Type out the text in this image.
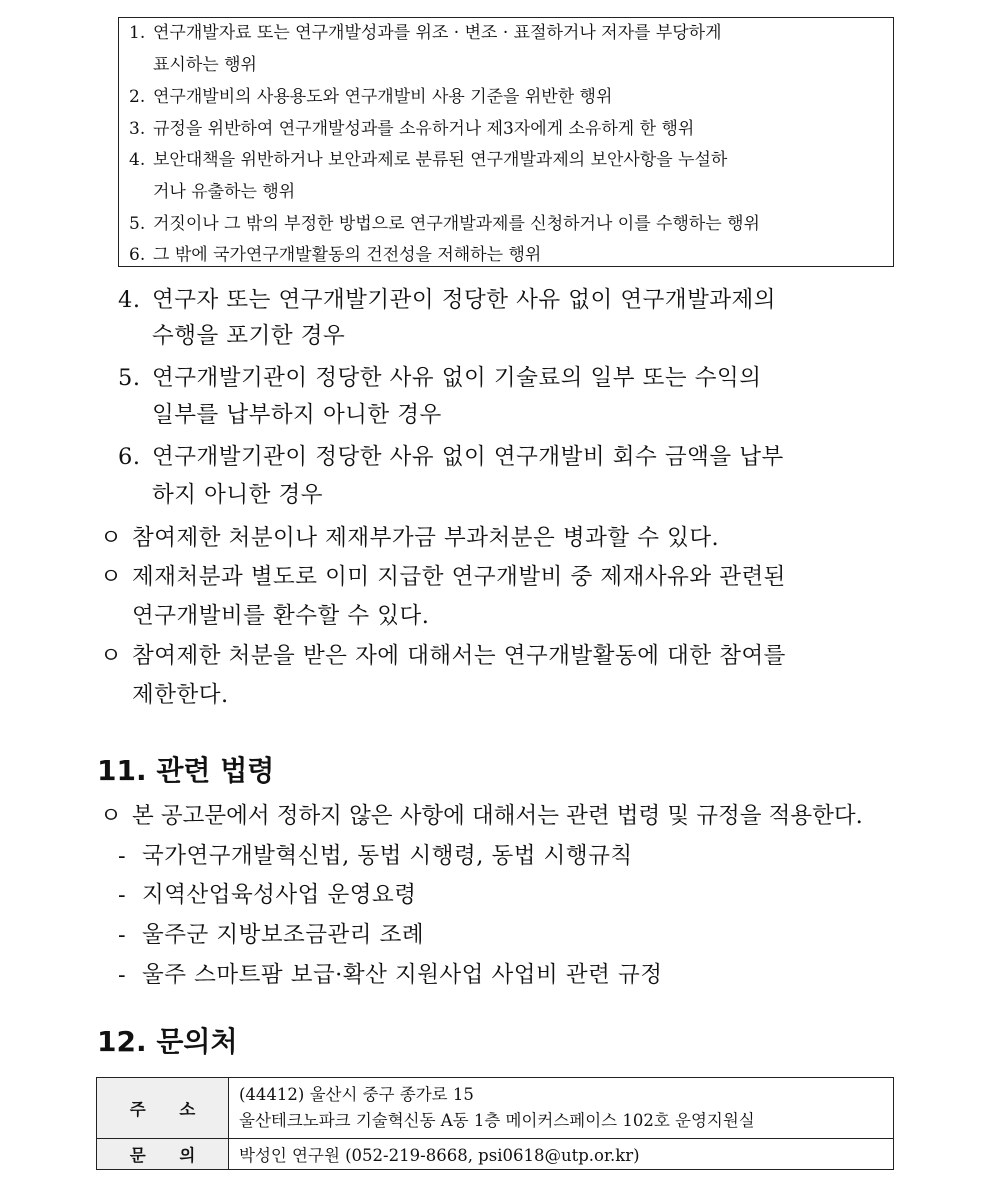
1. 연구개발자료 또는 연구개발성과를 위조 · 변조 · 표절하거나 저자를 부당하게
표시하는 행위
2. 연구개발비의 사용용도와 연구개발비 사용 기준을 위반한 행위
3. 규정을 위반하여 연구개발성과를 소유하거나 제3자에게 소유하게 한 행위
4. 보안대책을 위반하거나 보안과제로 분류된 연구개발과제의 보안사항을 누설하
거나 유출하는 행위
5. 거짓이나 그 밖의 부정한 방법으로 연구개발과제를 신청하거나 이를 수행하는 행위
6. 그 밖에 국가연구개발활동의 건전성을 저해하는 행위
4. 연구자 또는 연구개발기관이 정당한 사유 없이 연구개발과제의
수행을 포기한 경우
5. 연구개발기관이 정당한 사유 없이 기술료의 일부 또는 수익의
일부를 납부하지 아니한 경우
6. 연구개발기관이 정당한 사유 없이 연구개발비 회수 금액을 납부
하지 아니한 경우
ㅇ 참여제한 처분이나 제재부가금 부과처분은 병과할 수 있다.
ㅇ 제재처분과 별도로 이미 지급한 연구개발비 중 제재사유와 관련된
연구개발비를 환수할 수 있다.
ㅇ 참여제한 처분을 받은 자에 대해서는 연구개발활동에 대한 참여를
제한한다.
11. 관련 법령
ㅇ 본 공고문에서 정하지 않은 사항에 대해서는 관련 법령 및 규정을 적용한다.
- 국가연구개발혁신법, 동법 시행령, 동법 시행규칙
- 지역산업육성사업 운영요령
- 울주군 지방보조금관리 조례
- 울주 스마트팜 보급·확산 지원사업 사업비 관련 규정
12. 문의처
주 소	(44412) 울산시 중구 종가로 15
울산테크노파크 기술혁신동 A동 1층 메이커스페이스 102호 운영지원실

문 의	박성인 연구원 (052-219-8668, psi0618@utp.or.kr)
